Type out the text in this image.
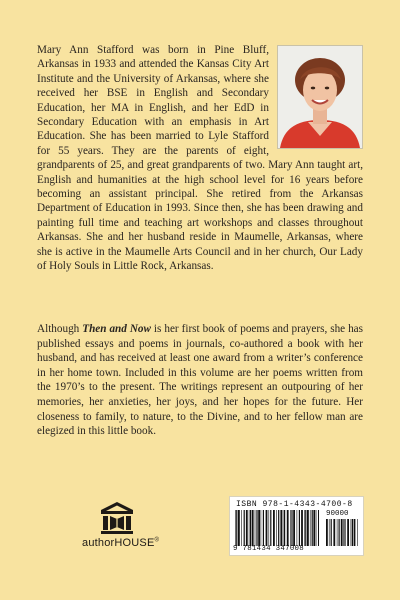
Mary Ann Stafford was born in Pine Bluff, Arkansas in 1933 and attended the Kansas City Art Institute and the University of Arkansas, where she received her BSE in English and Secondary Education, her MA in English, and her EdD in Secondary Education with an emphasis in Art Education. She has been married to Lyle Stafford for 55 years. They are the parents of eight, grandparents of 25, and great grandparents of two. Mary Ann taught art, English and humanities at the high school level for 16 years before becoming an assistant principal. She retired from the Arkansas Department of Education in 1993. Since then, she has been drawing and painting full time and teaching art workshops and classes throughout Arkansas. She and her husband reside in Maumelle, Arkansas, where she is active in the Maumelle Arts Council and in her church, Our Lady of Holy Souls in Little Rock, Arkansas.
Although Then and Now is her first book of poems and prayers, she has published essays and poems in journals, co-authored a book with her husband, and has received at least one award from a writer’s conference in her home town. Included in this volume are her poems written from the 1970’s to the present. The writings represent an outpouring of her memories, her anxieties, her joys, and her hopes for the future. Her closeness to family, to nature, to the Divine, and to her fellow man are elegized in this little book.
authorHOUSE®
ISBN 978-1-4343-4700-8
90000
9 781434 347008
